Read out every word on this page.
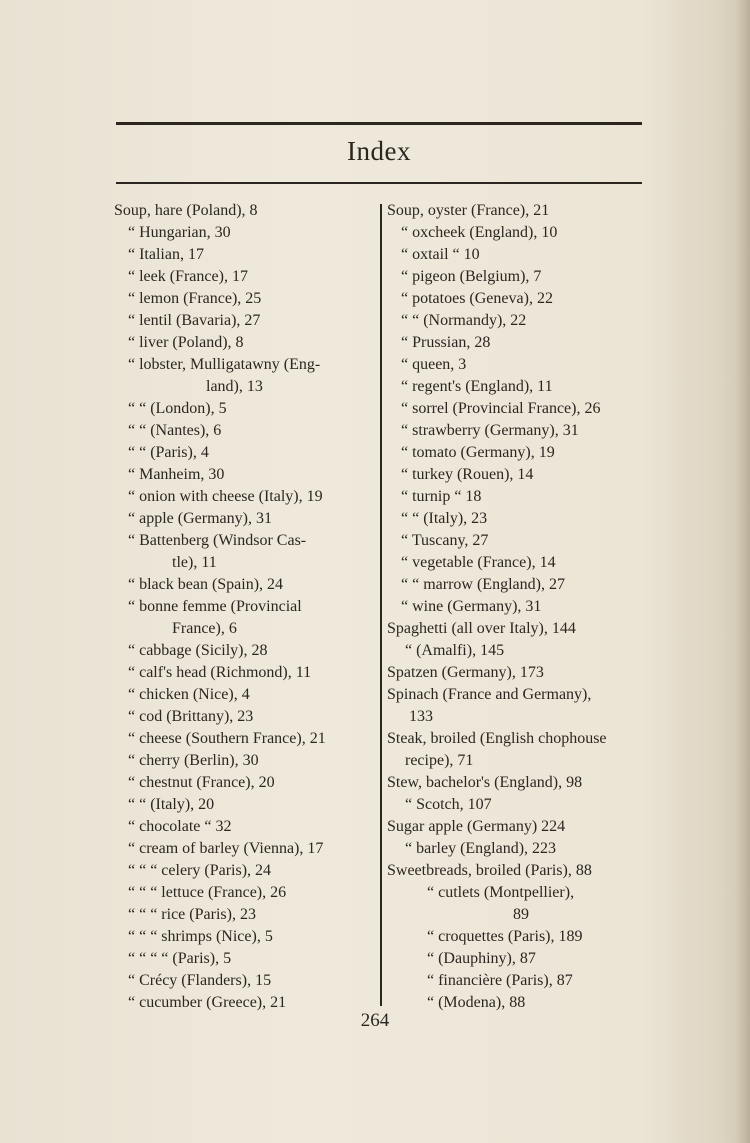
Index
Soup, hare (Poland), 8
“ Hungarian, 30
“ Italian, 17
“ leek (France), 17
“ lemon (France), 25
“ lentil (Bavaria), 27
“ liver (Poland), 8
“ lobster, Mulligatawny (Eng-
land), 13
“ “ (London), 5
“ “ (Nantes), 6
“ “ (Paris), 4
“ Manheim, 30
“ onion with cheese (Italy), 19
“ apple (Germany), 31
“ Battenberg (Windsor Cas-
tle), 11
“ black bean (Spain), 24
“ bonne femme (Provincial
France), 6
“ cabbage (Sicily), 28
“ calf's head (Richmond), 11
“ chicken (Nice), 4
“ cod (Brittany), 23
“ cheese (Southern France), 21
“ cherry (Berlin), 30
“ chestnut (France), 20
“ “ (Italy), 20
“ chocolate “ 32
“ cream of barley (Vienna), 17
“ “ “ celery (Paris), 24
“ “ “ lettuce (France), 26
“ “ “ rice (Paris), 23
“ “ “ shrimps (Nice), 5
“ “ “ “ (Paris), 5
“ Crécy (Flanders), 15
“ cucumber (Greece), 21
Soup, oyster (France), 21
“ oxcheek (England), 10
“ oxtail “ 10
“ pigeon (Belgium), 7
“ potatoes (Geneva), 22
“ “ (Normandy), 22
“ Prussian, 28
“ queen, 3
“ regent's (England), 11
“ sorrel (Provincial France), 26
“ strawberry (Germany), 31
“ tomato (Germany), 19
“ turkey (Rouen), 14
“ turnip “ 18
“ “ (Italy), 23
“ Tuscany, 27
“ vegetable (France), 14
“ “ marrow (England), 27
“ wine (Germany), 31
Spaghetti (all over Italy), 144
“ (Amalfi), 145
Spatzen (Germany), 173
Spinach (France and Germany),
133
Steak, broiled (English chophouse
recipe), 71
Stew, bachelor's (England), 98
“ Scotch, 107
Sugar apple (Germany) 224
“ barley (England), 223
Sweetbreads, broiled (Paris), 88
“ cutlets (Montpellier),
89
“ croquettes (Paris), 189
“ (Dauphiny), 87
“ financière (Paris), 87
“ (Modena), 88
264
